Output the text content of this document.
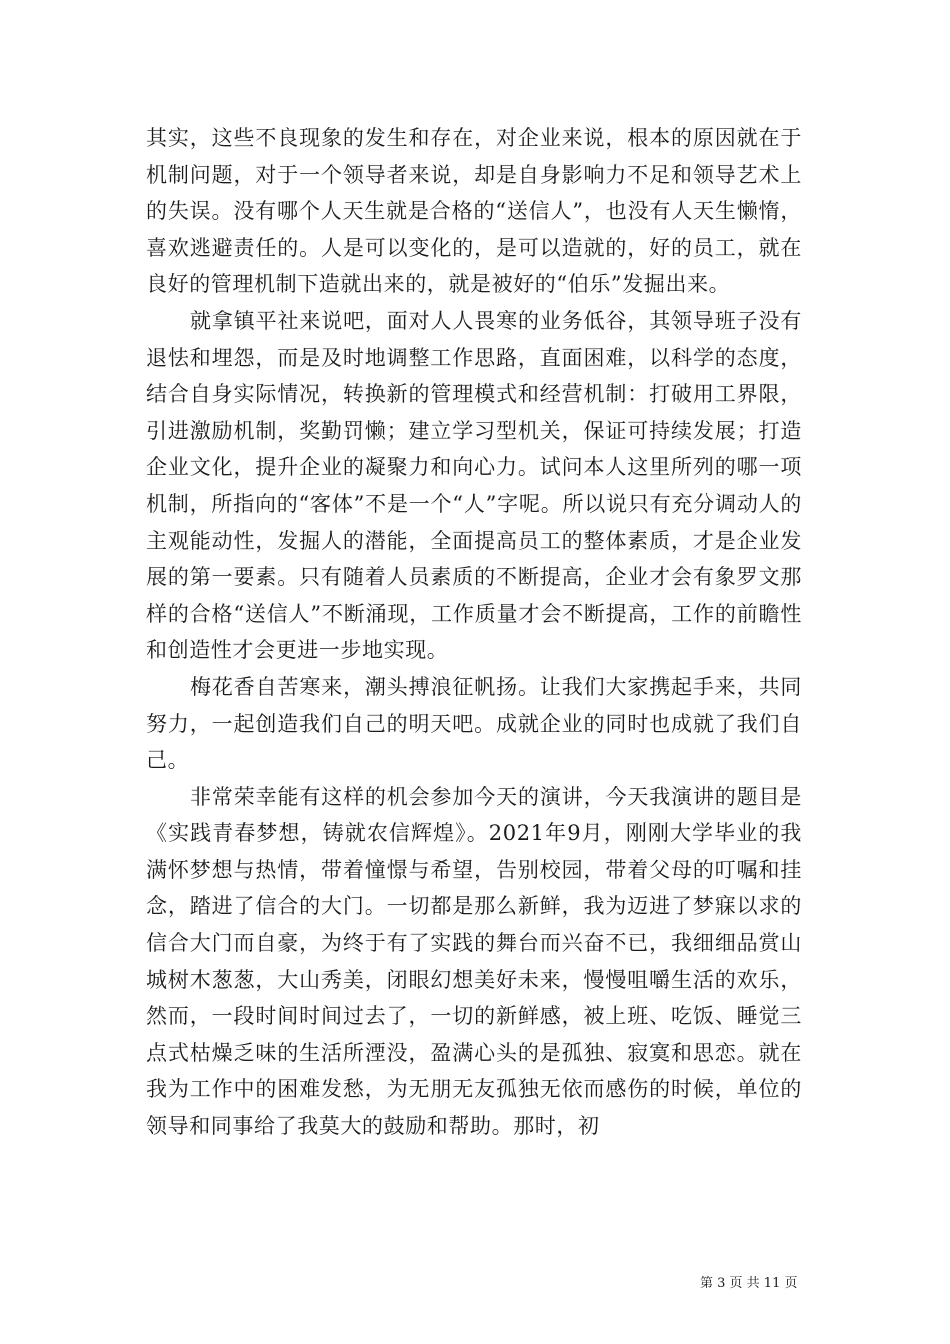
其实，这些不良现象的发生和存在，对企业来说，根本的原因就在于机制问题，对于一个领导者来说，却是自身影响力不足和领导艺术上的失误。没有哪个人天生就是合格的“送信人”，也没有人天生懒惰，喜欢逃避责任的。人是可以变化的，是可以造就的，好的员工，就在良好的管理机制下造就出来的，就是被好的“伯乐”发掘出来。

就拿镇平社来说吧，面对人人畏寒的业务低谷，其领导班子没有退怯和埋怨，而是及时地调整工作思路，直面困难，以科学的态度，结合自身实际情况，转换新的管理模式和经营机制：打破用工界限，引进激励机制，奖勤罚懒；建立学习型机关，保证可持续发展；打造企业文化，提升企业的凝聚力和向心力。试问本人这里所列的哪一项机制，所指向的“客体”不是一个“人”字呢。所以说只有充分调动人的主观能动性，发掘人的潜能，全面提高员工的整体素质，才是企业发展的第一要素。只有随着人员素质的不断提高，企业才会有象罗文那样的合格“送信人”不断涌现，工作质量才会不断提高，工作的前瞻性和创造性才会更进一步地实现。

梅花香自苦寒来，潮头搏浪征帆扬。让我们大家携起手来，共同努力，一起创造我们自己的明天吧。成就企业的同时也成就了我们自己。

非常荣幸能有这样的机会参加今天的演讲，今天我演讲的题目是《实践青春梦想，铸就农信辉煌》。2021年9月，刚刚大学毕业的我满怀梦想与热情，带着憧憬与希望，告别校园，带着父母的叮嘱和挂念，踏进了信合的大门。一切都是那么新鲜，我为迈进了梦寐以求的信合大门而自豪，为终于有了实践的舞台而兴奋不已，我细细品赏山城树木葱葱，大山秀美，闭眼幻想美好未来，慢慢咀嚼生活的欢乐，然而，一段时间时间过去了，一切的新鲜感，被上班、吃饭、睡觉三点式枯燥乏味的生活所湮没，盈满心头的是孤独、寂寞和思恋。就在我为工作中的困难发愁，为无朋无友孤独无依而感伤的时候，单位的领导和同事给了我莫大的鼓励和帮助。那时，初

第 3 页 共 11 页
